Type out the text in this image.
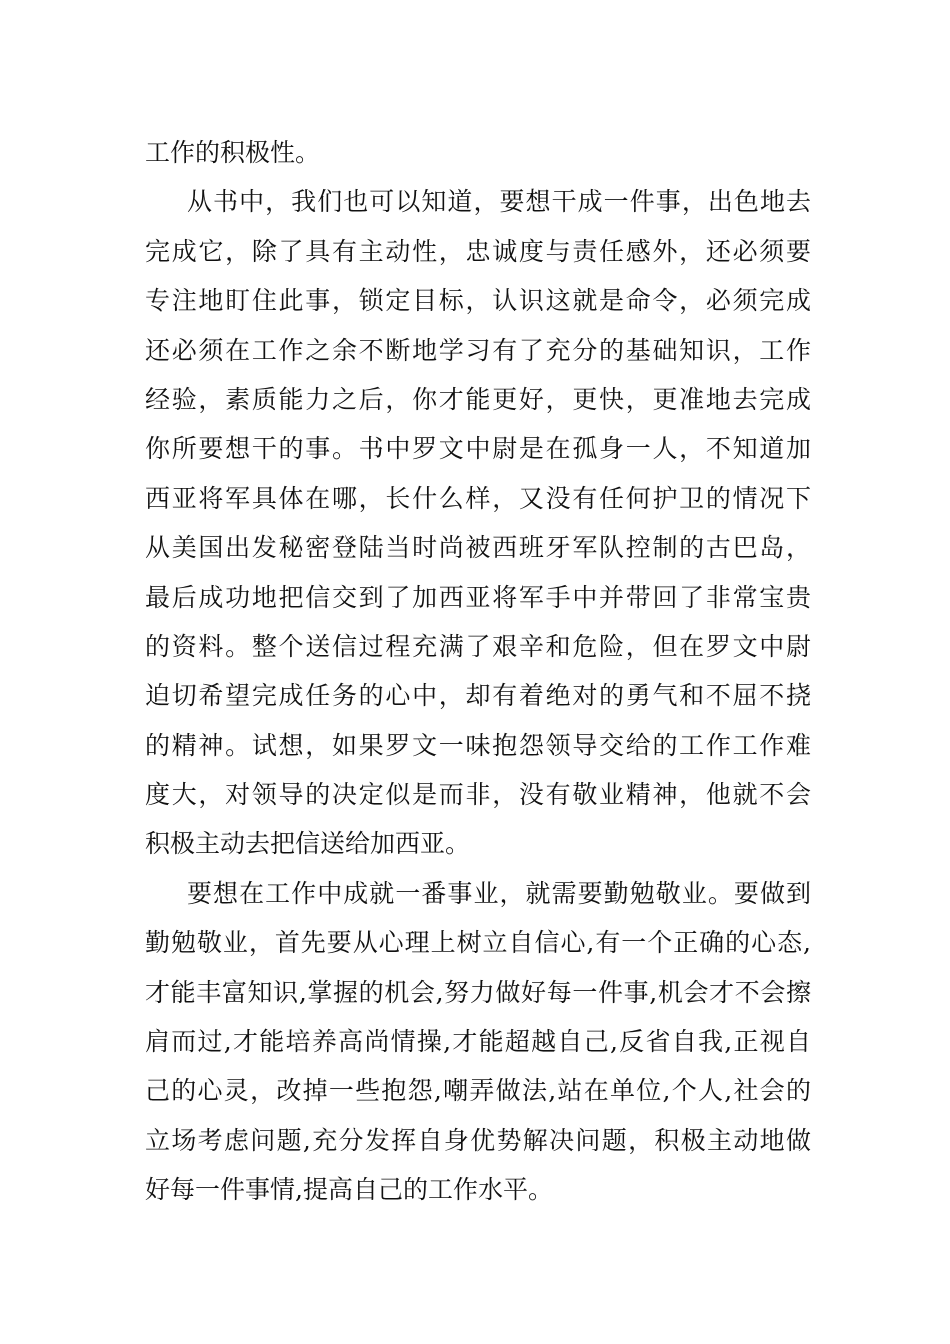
工作的积极性。
从书中，我们也可以知道，要想干成一件事，出色地去
完成它，除了具有主动性，忠诚度与责任感外，还必须要
专注地盯住此事，锁定目标，认识这就是命令，必须完成
还必须在工作之余不断地学习有了充分的基础知识，工作
经验，素质能力之后，你才能更好，更快，更准地去完成
你所要想干的事。书中罗文中尉是在孤身一人，不知道加
西亚将军具体在哪，长什么样，又没有任何护卫的情况下
从美国出发秘密登陆当时尚被西班牙军队控制的古巴岛，
最后成功地把信交到了加西亚将军手中并带回了非常宝贵
的资料。整个送信过程充满了艰辛和危险，但在罗文中尉
迫切希望完成任务的心中，却有着绝对的勇气和不屈不挠
的精神。试想，如果罗文一味抱怨领导交给的工作工作难
度大，对领导的决定似是而非，没有敬业精神，他就不会
积极主动去把信送给加西亚。
要想在工作中成就一番事业，就需要勤勉敬业。要做到
勤勉敬业，首先要从心理上树立自信心,有一个正确的心态,
才能丰富知识,掌握的机会,努力做好每一件事,机会才不会擦
肩而过,才能培养高尚情操,才能超越自己,反省自我,正视自
己的心灵，改掉一些抱怨,嘲弄做法,站在单位,个人,社会的
立场考虑问题,充分发挥自身优势解决问题，积极主动地做
好每一件事情,提高自己的工作水平。
